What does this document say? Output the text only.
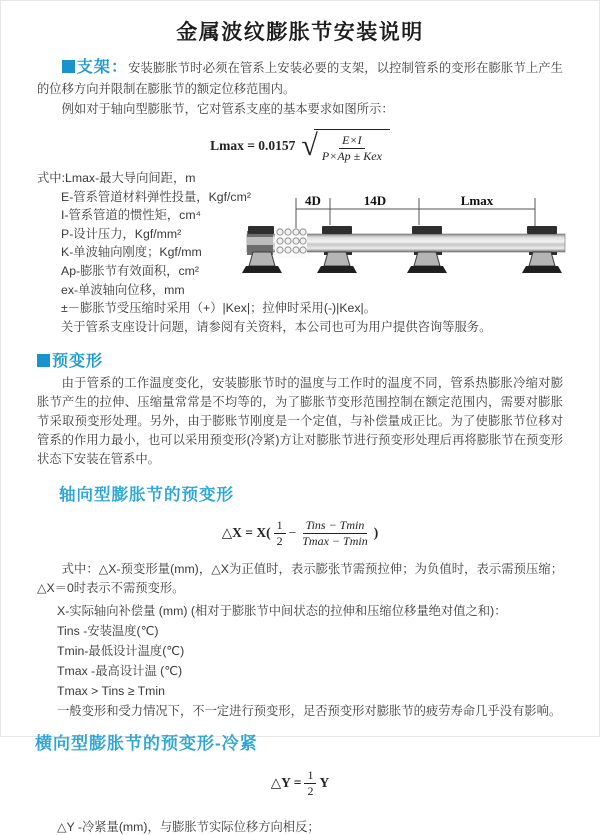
金属波纹膨胀节安装说明

支架：安装膨胀节时必须在管系上安装必要的支架，以控制管系的变形在膨胀节上产生的位移方向并限制在膨胀节的额定位移范围内。

例如对于轴向型膨胀节，它对管系支座的基本要求如图所示：

Lmax = 0.0157 √ $\frac{E\times I}{\text{P×Ap ± Kex}}$
式中:Lmax-最大导向间距，m
E-管系管道材料弹性投量，Kgf/cm²
I-管系管道的惯性矩，cm⁴
P-设计压力，Kgf/mm²
K-单波轴向刚度；Kgf/mm
Ap-膨胀节有效面积，cm²
ex-单波轴向位移，mm
±－膨胀节受压缩时采用（+）|Kex|；拉伸时采用(-)|Kex|。
关于管系支座设计问题，请参阅有关资料，本公司也可为用户提供咨询等服务。
4D	14D	Lmax
预变形

由于管系的工作温度变化，安装膨胀节时的温度与工作时的温度不同，管系热膨胀冷缩对膨胀节产生的拉伸、压缩量常常是不均等的，为了膨胀节变形范围控制在额定范围内，需要对膨胀节采取预变形处理。另外，由于膨账节刚度是一个定值，与补偿量成正比。为了使膨胀节位移对管系的作用力最小，也可以采用预变形(冷紧)方让对膨胀节进行预变形处理后再将膨胀节在预变形状态下安装在管系中。

轴向型膨胀节的预变形
△X = $X( \frac{1}{2} - \frac{\text{Tins − Tmin}}{Tmax - Tmin}$ )

式中：△X-预变形量(mm)，△X为正值时，表示膨张节需预拉伸；为负值时，表示需预压缩；△X＝0时表示不需预变形。

X-实际轴向补偿量 (mm) (相对于膨胀节中间状态的拉伸和压缩位移量绝对值之和)：
Tins -安装温度(℃)
Tmin-最低设计温度(℃)
Tmax -最高设计温 (℃)
Tmax > Tins ≥ Tmin
一般变形和受力情况下，不一定进行预变形，足否预变形对膨胀节的疲劳寿命几乎没有影响。
横向型膨胀节的预变形-冷紧
△Y = $\frac{1}{2}$ Y
△Y -冷紧量(mm)，与膨胀节实际位移方向相反；
